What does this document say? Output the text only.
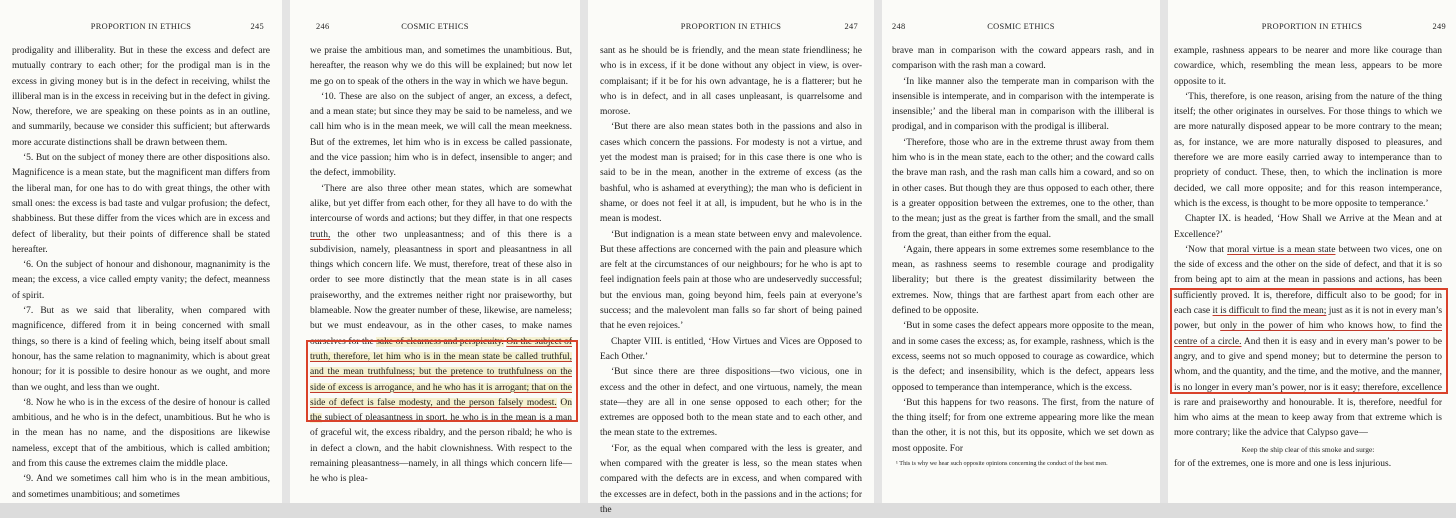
PROPORTION IN ETHICS	245

prodigality and illiberality. But in these the excess and defect are mutually contrary to each other; for the prodigal man is in the excess in giving money but is in the defect in receiving, whilst the illiberal man is in the excess in receiving but in the defect in giving. Now, therefore, we are speaking on these points as in an outline, and summarily, because we consider this sufficient; but afterwards more accurate distinctions shall be drawn between them.

‘5. But on the subject of money there are other dispositions also. Magnificence is a mean state, but the magnificent man differs from the liberal man, for one has to do with great things, the other with small ones: the excess is bad taste and vulgar profusion; the defect, shabbiness. But these differ from the vices which are in excess and defect of liberality, but their points of difference shall be stated hereafter.

‘6. On the subject of honour and dishonour, magnanimity is the mean; the excess, a vice called empty vanity; the defect, meanness of spirit.

‘7. But as we said that liberality, when compared with magnificence, differed from it in being concerned with small things, so there is a kind of feeling which, being itself about small honour, has the same relation to magnanimity, which is about great honour; for it is possible to desire honour as we ought, and more than we ought, and less than we ought.

‘8. Now he who is in the excess of the desire of honour is called ambitious, and he who is in the defect, unambitious. But he who is in the mean has no name, and the dispositions are likewise nameless, except that of the ambitious, which is called ambition; and from this cause the extremes claim the middle place.

‘9. And we sometimes call him who is in the mean ambitious, and sometimes unambitious; and sometimes

246	COSMIC ETHICS

we praise the ambitious man, and sometimes the unambitious. But, hereafter, the reason why we do this will be explained; but now let me go on to speak of the others in the way in which we have begun.

‘10. These are also on the subject of anger, an excess, a defect, and a mean state; but since they may be said to be nameless, and we call him who is in the mean meek, we will call the mean meekness. But of the extremes, let him who is in excess be called passionate, and the vice passion; him who is in defect, insensible to anger; and the defect, immobility.

‘There are also three other mean states, which are somewhat alike, but yet differ from each other, for they all have to do with the intercourse of words and actions; but they differ, in that one respects truth, the other two unpleasantness; and of this there is a subdivision, namely, pleasantness in sport and pleasantness in all things which concern life. We must, therefore, treat of these also in order to see more distinctly that the mean state is in all cases praiseworthy, and the extremes neither right nor praiseworthy, but blameable. Now the greater number of these, likewise, are nameless; but we must endeavour, as in the other cases, to make names ourselves for the sake of clearness and perspicuity. On the subject of truth, therefore, let him who is in the mean state be called truthful, and the mean truthfulness; but the pretence to truthfulness on the side of excess is arrogance, and he who has it is arrogant; that on the side of defect is false modesty, and the person falsely modest. On the subject of pleasantness in sport, he who is in the mean is a man of graceful wit, the excess ribaldry, and the person ribald; he who is in defect a clown, and the habit clownishness. With respect to the remaining pleasantness—namely, in all things which concern life—he who is plea-

PROPORTION IN ETHICS	247

sant as he should be is friendly, and the mean state friendliness; he who is in excess, if it be done without any object in view, is over-complaisant; if it be for his own advantage, he is a flatterer; but he who is in defect, and in all cases unpleasant, is quarrelsome and morose.

‘But there are also mean states both in the passions and also in cases which concern the passions. For modesty is not a virtue, and yet the modest man is praised; for in this case there is one who is said to be in the mean, another in the extreme of excess (as the bashful, who is ashamed at everything); the man who is deficient in shame, or does not feel it at all, is impudent, but he who is in the mean is modest.

‘But indignation is a mean state between envy and malevolence. But these affections are concerned with the pain and pleasure which are felt at the circumstances of our neighbours; for he who is apt to feel indignation feels pain at those who are undeservedly successful; but the envious man, going beyond him, feels pain at everyone’s success; and the malevolent man falls so far short of being pained that he even rejoices.’

Chapter VIII. is entitled, ‘How Virtues and Vices are Opposed to Each Other.’

‘But since there are three dispositions—two vicious, one in excess and the other in defect, and one virtuous, namely, the mean state—they are all in one sense opposed to each other; for the extremes are opposed both to the mean state and to each other, and the mean state to the extremes.

‘For, as the equal when compared with the less is greater, and when compared with the greater is less, so the mean states when compared with the defects are in excess, and when compared with the excesses are in defect, both in the passions and in the actions; for the

248	COSMIC ETHICS

brave man in comparison with the coward appears rash, and in comparison with the rash man a coward.

‘In like manner also the temperate man in comparison with the insensible is intemperate, and in comparison with the intemperate is insensible;’ and the liberal man in comparison with the illiberal is prodigal, and in comparison with the prodigal is illiberal.

‘Therefore, those who are in the extreme thrust away from them him who is in the mean state, each to the other; and the coward calls the brave man rash, and the rash man calls him a coward, and so on in other cases. But though they are thus opposed to each other, there is a greater opposition between the extremes, one to the other, than to the mean; just as the great is farther from the small, and the small from the great, than either from the equal.

‘Again, there appears in some extremes some resemblance to the mean, as rashness seems to resemble courage and prodigality liberality; but there is the greatest dissimilarity between the extremes. Now, things that are farthest apart from each other are defined to be opposite.

‘But in some cases the defect appears more opposite to the mean, and in some cases the excess; as, for example, rashness, which is the excess, seems not so much opposed to courage as cowardice, which is the defect; and insensibility, which is the defect, appears less opposed to temperance than intemperance, which is the excess.

‘But this happens for two reasons. The first, from the nature of the thing itself; for from one extreme appearing more like the mean than the other, it is not this, but its opposite, which we set down as most opposite. For

¹ This is why we hear such opposite opinions concerning the conduct of the best men.
PROPORTION IN ETHICS	249

example, rashness appears to be nearer and more like courage than cowardice, which, resembling the mean less, appears to be more opposite to it.

‘This, therefore, is one reason, arising from the nature of the thing itself; the other originates in ourselves. For those things to which we are more naturally disposed appear to be more contrary to the mean; as, for instance, we are more naturally disposed to pleasures, and therefore we are more easily carried away to intemperance than to propriety of conduct. These, then, to which the inclination is more decided, we call more opposite; and for this reason intemperance, which is the excess, is thought to be more opposite to temperance.’

Chapter IX. is headed, ‘How Shall we Arrive at the Mean and at Excellence?’

‘Now that moral virtue is a mean state between two vices, one on the side of excess and the other on the side of defect, and that it is so from being apt to aim at the mean in passions and actions, has been sufficiently proved. It is, therefore, difficult also to be good; for in each case it is difficult to find the mean; just as it is not in every man’s power, but only in the power of him who knows how, to find the centre of a circle. And then it is easy and in every man’s power to be angry, and to give and spend money; but to determine the person to whom, and the quantity, and the time, and the motive, and the manner, is no longer in every man’s power, nor is it easy; therefore, excellence is rare and praiseworthy and honourable. It is, therefore, needful for him who aims at the mean to keep away from that extreme which is more contrary; like the advice that Calypso gave—

Keep the ship clear of this smoke and surge:

for of the extremes, one is more and one is less injurious.
